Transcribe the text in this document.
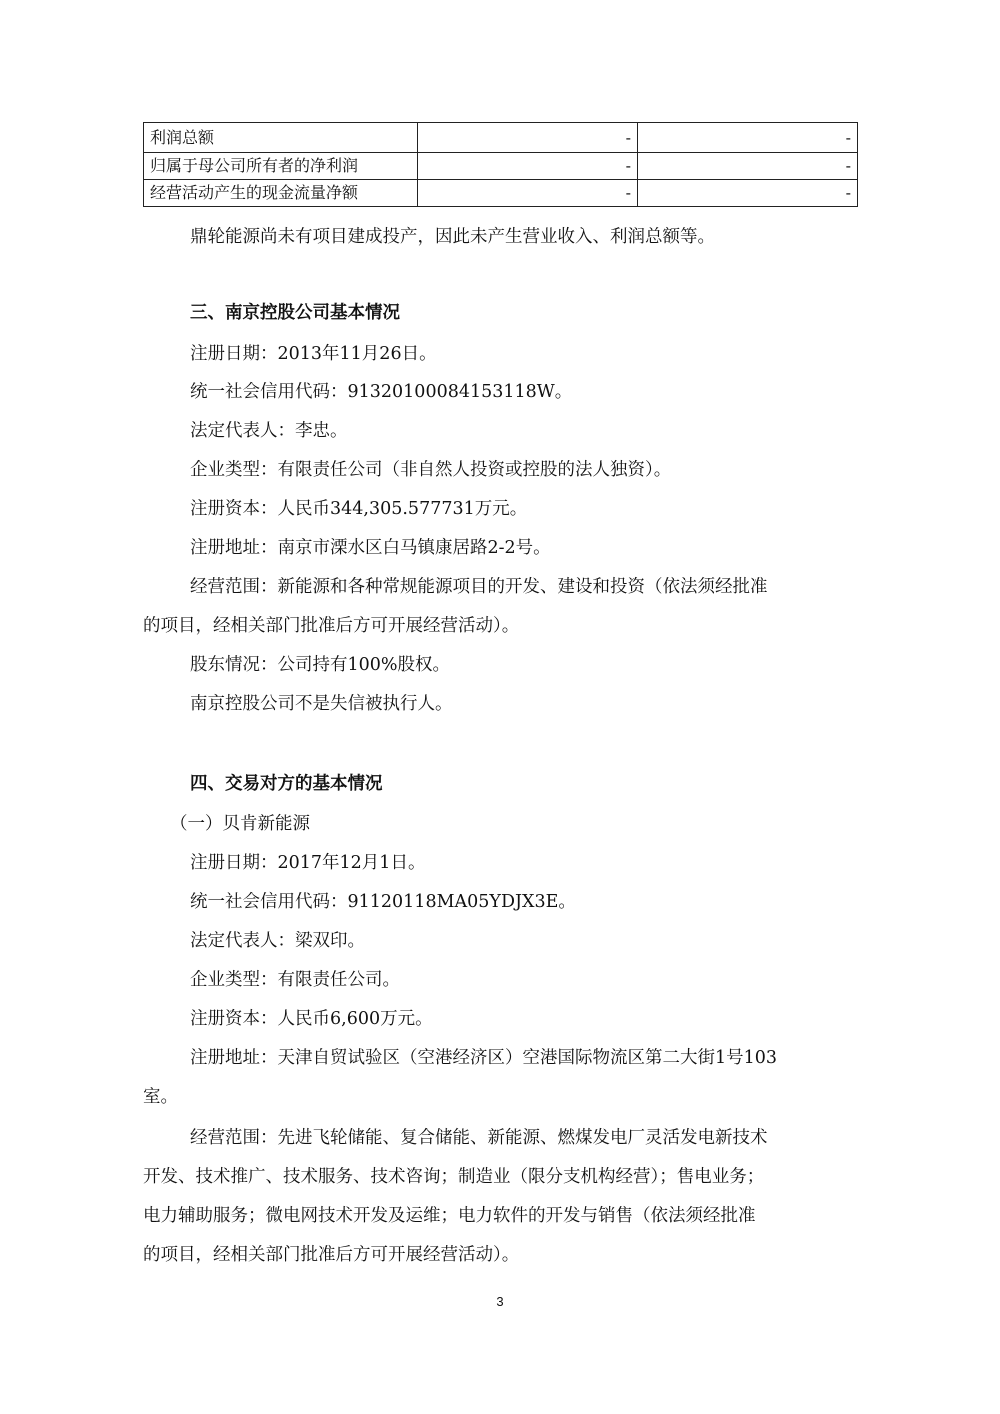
利润总额	-	-
归属于母公司所有者的净利润	-	-
经营活动产生的现金流量净额	-	-
鼎轮能源尚未有项目建成投产，因此未产生营业收入、利润总额等。
三、南京控股公司基本情况
注册日期：2013年11月26日。
统一社会信用代码：91320100084153118W。
法定代表人：李忠。
企业类型：有限责任公司（非自然人投资或控股的法人独资）。
注册资本：人民币344,305.577731万元。
注册地址：南京市溧水区白马镇康居路2-2号。
经营范围：新能源和各种常规能源项目的开发、建设和投资（依法须经批准
的项目，经相关部门批准后方可开展经营活动）。
股东情况：公司持有100%股权。
南京控股公司不是失信被执行人。
四、交易对方的基本情况
（一）贝肯新能源
注册日期：2017年12月1日。
统一社会信用代码：91120118MA05YDJX3E。
法定代表人：梁双印。
企业类型：有限责任公司。
注册资本：人民币6,600万元。
注册地址：天津自贸试验区（空港经济区）空港国际物流区第二大街1号103
室。
经营范围：先进飞轮储能、复合储能、新能源、燃煤发电厂灵活发电新技术
开发、技术推广、技术服务、技术咨询；制造业（限分支机构经营）；售电业务；
电力辅助服务；微电网技术开发及运维；电力软件的开发与销售（依法须经批准
的项目，经相关部门批准后方可开展经营活动）。
3
